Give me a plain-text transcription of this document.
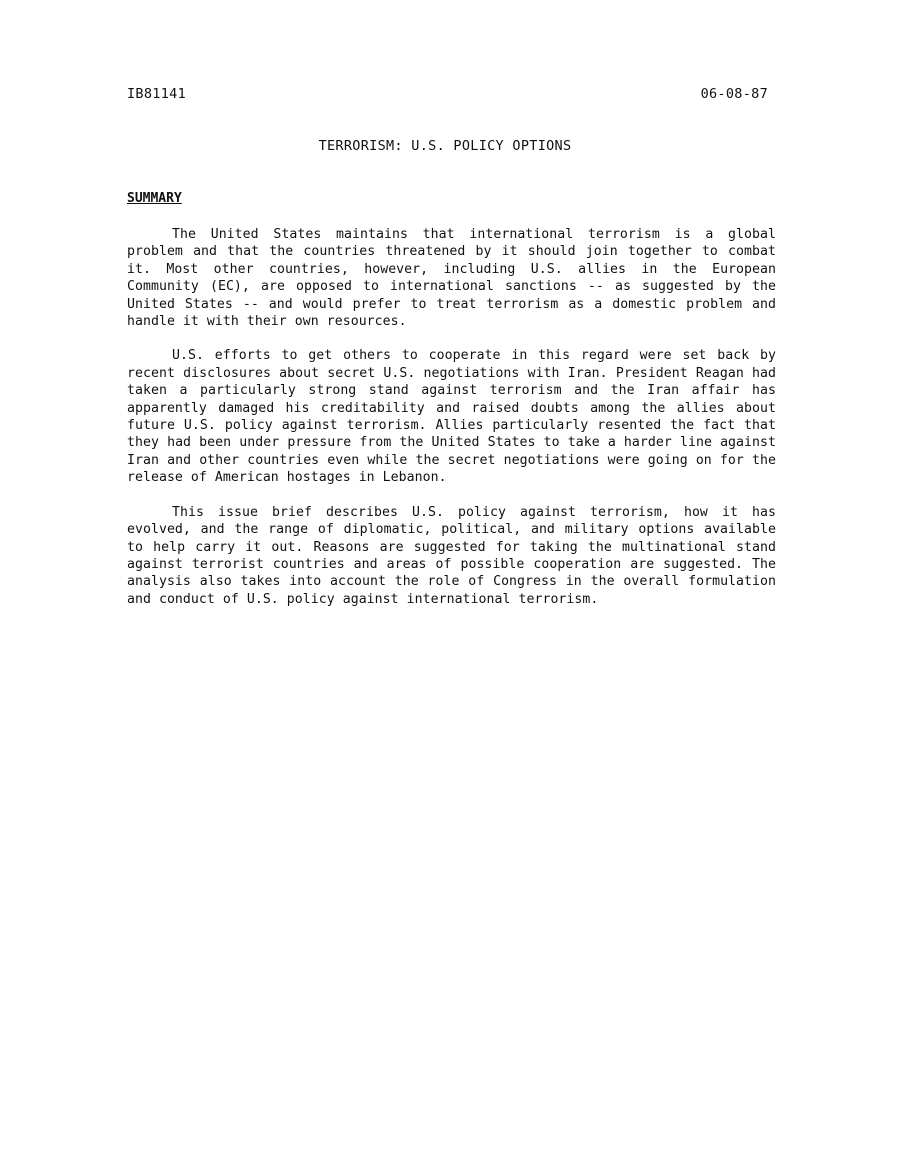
IB81141	06-08-87
TERRORISM: U.S. POLICY OPTIONS
SUMMARY

The United States maintains that international terrorism is a global problem and that the countries threatened by it should join together to combat it. Most other countries, however, including U.S. allies in the European Community (EC), are opposed to international sanctions -- as suggested by the United States -- and would prefer to treat terrorism as a domestic problem and handle it with their own resources.

U.S. efforts to get others to cooperate in this regard were set back by recent disclosures about secret U.S. negotiations with Iran. President Reagan had taken a particularly strong stand against terrorism and the Iran affair has apparently damaged his creditability and raised doubts among the allies about future U.S. policy against terrorism. Allies particularly resented the fact that they had been under pressure from the United States to take a harder line against Iran and other countries even while the secret negotiations were going on for the release of American hostages in Lebanon.

This issue brief describes U.S. policy against terrorism, how it has evolved, and the range of diplomatic, political, and military options available to help carry it out. Reasons are suggested for taking the multinational stand against terrorist countries and areas of possible cooperation are suggested. The analysis also takes into account the role of Congress in the overall formulation and conduct of U.S. policy against international terrorism.
